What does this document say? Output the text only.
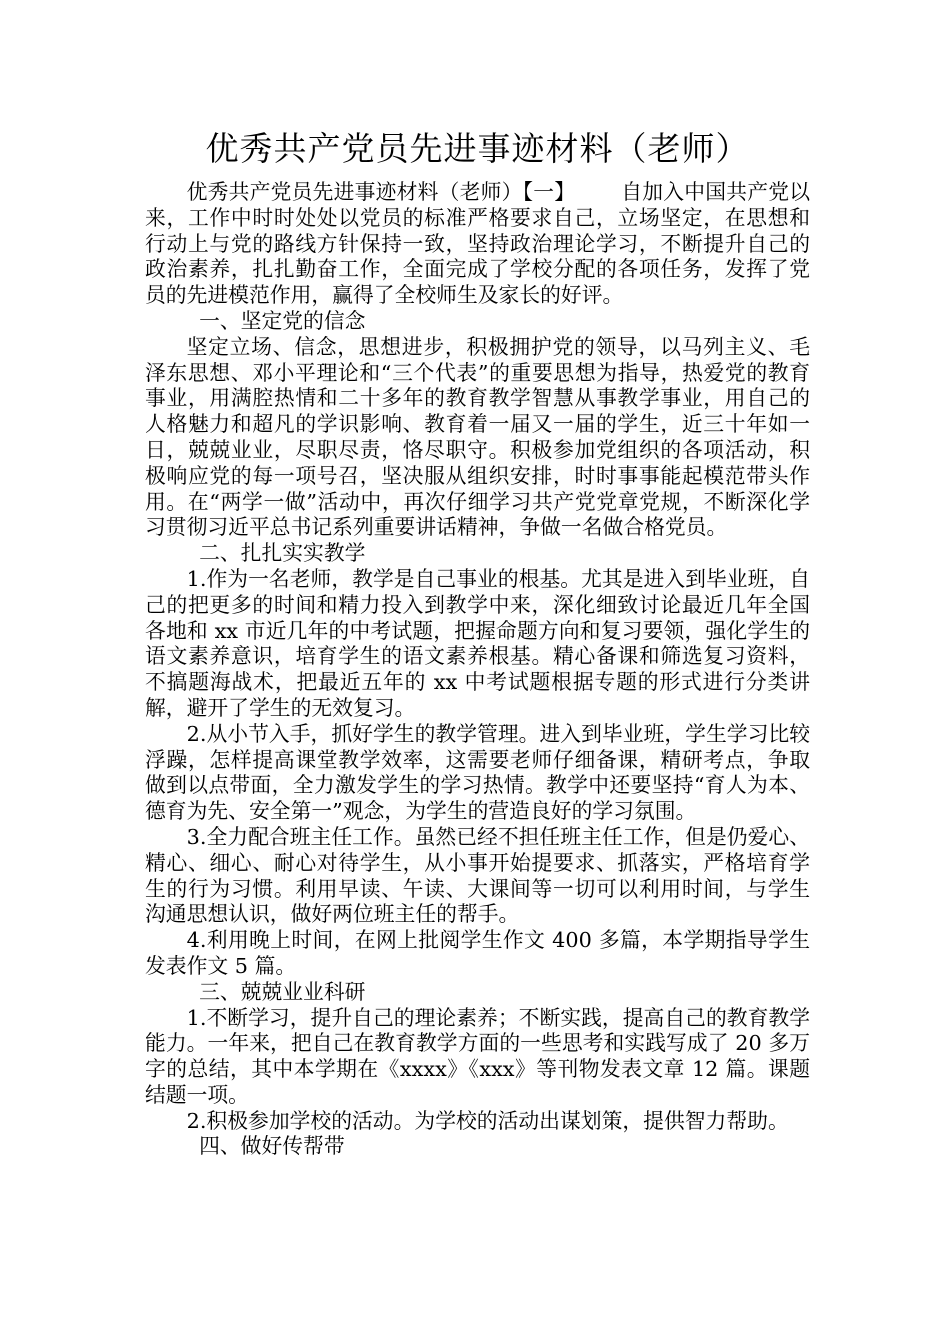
优秀共产党员先进事迹材料（老师）

优秀共产党员先进事迹材料（老师）【一】 自加入中国共产党以来，工作中时时处处以党员的标准严格要求自己，立场坚定，在思想和行动上与党的路线方针保持一致，坚持政治理论学习，不断提升自己的政治素养，扎扎勤奋工作，全面完成了学校分配的各项任务，发挥了党员的先进模范作用，赢得了全校师生及家长的好评。

一、坚定党的信念

坚定立场、信念，思想进步，积极拥护党的领导，以马列主义、毛泽东思想、邓小平理论和“三个代表”的重要思想为指导，热爱党的教育事业，用满腔热情和二十多年的教育教学智慧从事教学事业，用自己的人格魅力和超凡的学识影响、教育着一届又一届的学生，近三十年如一日，兢兢业业，尽职尽责，恪尽职守。积极参加党组织的各项活动，积极响应党的每一项号召，坚决服从组织安排，时时事事能起模范带头作用。在“两学一做”活动中，再次仔细学习共产党党章党规，不断深化学习贯彻习近平总书记系列重要讲话精神，争做一名做合格党员。

二、扎扎实实教学

1.作为一名老师，教学是自己事业的根基。尤其是进入到毕业班，自己的把更多的时间和精力投入到教学中来，深化细致讨论最近几年全国各地和 xx 市近几年的中考试题，把握命题方向和复习要领，强化学生的语文素养意识，培育学生的语文素养根基。精心备课和筛选复习资料，不搞题海战术，把最近五年的 xx 中考试题根据专题的形式进行分类讲解，避开了学生的无效复习。

2.从小节入手，抓好学生的教学管理。进入到毕业班，学生学习比较浮躁，怎样提高课堂教学效率，这需要老师仔细备课，精研考点，争取做到以点带面，全力激发学生的学习热情。教学中还要坚持“育人为本、德育为先、安全第一”观念，为学生的营造良好的学习氛围。

3.全力配合班主任工作。虽然已经不担任班主任工作，但是仍爱心、精心、细心、耐心对待学生，从小事开始提要求、抓落实，严格培育学生的行为习惯。利用早读、午读、大课间等一切可以利用时间，与学生沟通思想认识，做好两位班主任的帮手。

4.利用晚上时间，在网上批阅学生作文 400 多篇，本学期指导学生发表作文 5 篇。

三、兢兢业业科研

1.不断学习，提升自己的理论素养；不断实践，提高自己的教育教学能力。一年来，把自己在教育教学方面的一些思考和实践写成了 20 多万字的总结，其中本学期在《xxxx》《xxx》等刊物发表文章 12 篇。课题结题一项。

2.积极参加学校的活动。为学校的活动出谋划策，提供智力帮助。

四、做好传帮带
